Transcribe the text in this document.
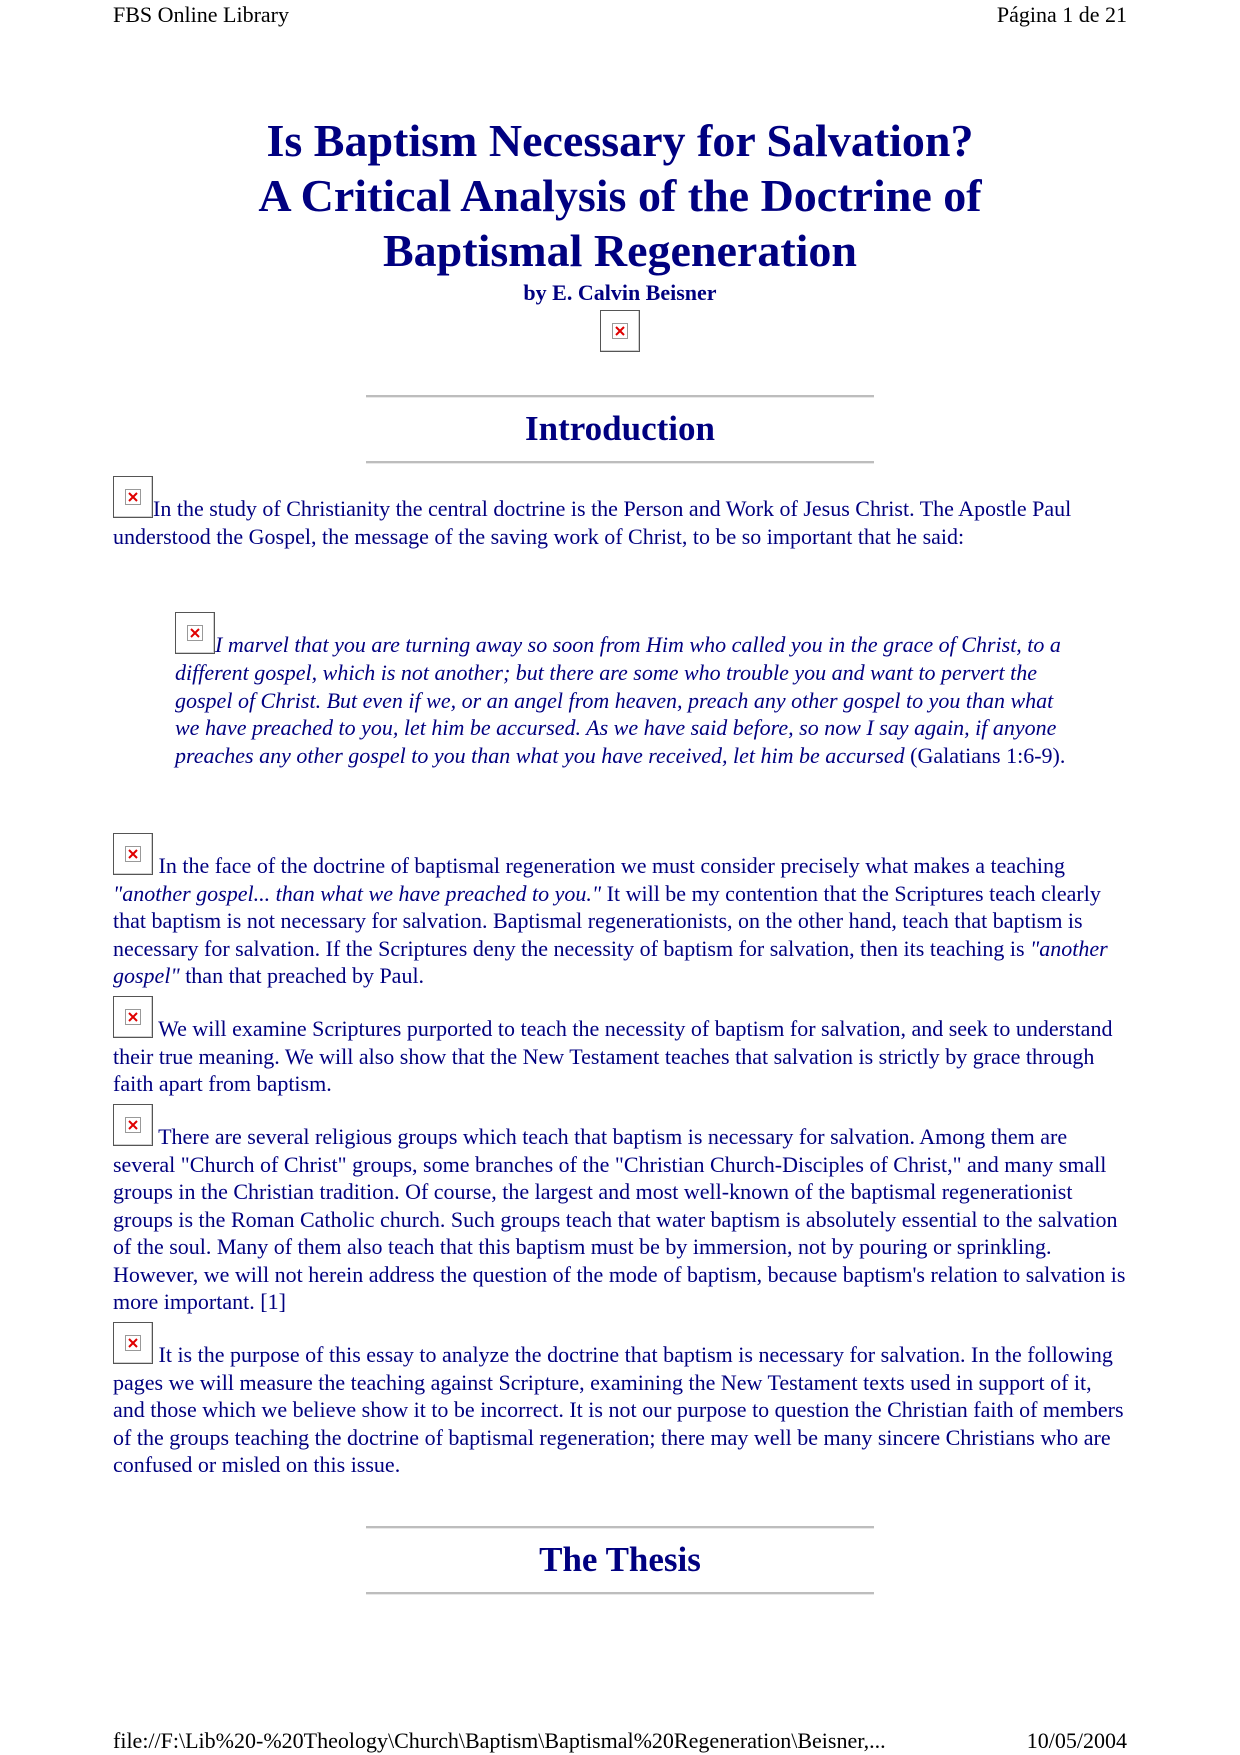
FBS Online Library	Página 1 de 21
Is Baptism Necessary for Salvation?
A Critical Analysis of the Doctrine of
Baptismal Regeneration
by E. Calvin Beisner
Introduction

In the study of Christianity the central doctrine is the Person and Work of Jesus Christ. The Apostle Paul understood the Gospel, the message of the saving work of Christ, to be so important that he said:

I marvel that you are turning away so soon from Him who called you in the grace of Christ, to a different gospel, which is not another; but there are some who trouble you and want to pervert the gospel of Christ. But even if we, or an angel from heaven, preach any other gospel to you than what we have preached to you, let him be accursed. As we have said before, so now I say again, if anyone preaches any other gospel to you than what you have received, let him be accursed (Galatians 1:6-9).

In the face of the doctrine of baptismal regeneration we must consider precisely what makes a teaching "another gospel... than what we have preached to you." It will be my contention that the Scriptures teach clearly that baptism is not necessary for salvation. Baptismal regenerationists, on the other hand, teach that baptism is necessary for salvation. If the Scriptures deny the necessity of baptism for salvation, then its teaching is "another gospel" than that preached by Paul.

We will examine Scriptures purported to teach the necessity of baptism for salvation, and seek to understand their true meaning. We will also show that the New Testament teaches that salvation is strictly by grace through faith apart from baptism.

There are several religious groups which teach that baptism is necessary for salvation. Among them are several "Church of Christ" groups, some branches of the "Christian Church-Disciples of Christ," and many small groups in the Christian tradition. Of course, the largest and most well-known of the baptismal regenerationist groups is the Roman Catholic church. Such groups teach that water baptism is absolutely essential to the salvation of the soul. Many of them also teach that this baptism must be by immersion, not by pouring or sprinkling. However, we will not herein address the question of the mode of baptism, because baptism's relation to salvation is more important. [1]

It is the purpose of this essay to analyze the doctrine that baptism is necessary for salvation. In the following pages we will measure the teaching against Scripture, examining the New Testament texts used in support of it, and those which we believe show it to be incorrect. It is not our purpose to question the Christian faith of members of the groups teaching the doctrine of baptismal regeneration; there may well be many sincere Christians who are confused or misled on this issue.

The Thesis
file://F:\Lib%20-%20Theology\Church\Baptism\Baptismal%20Regeneration\Beisner,...	10/05/2004
